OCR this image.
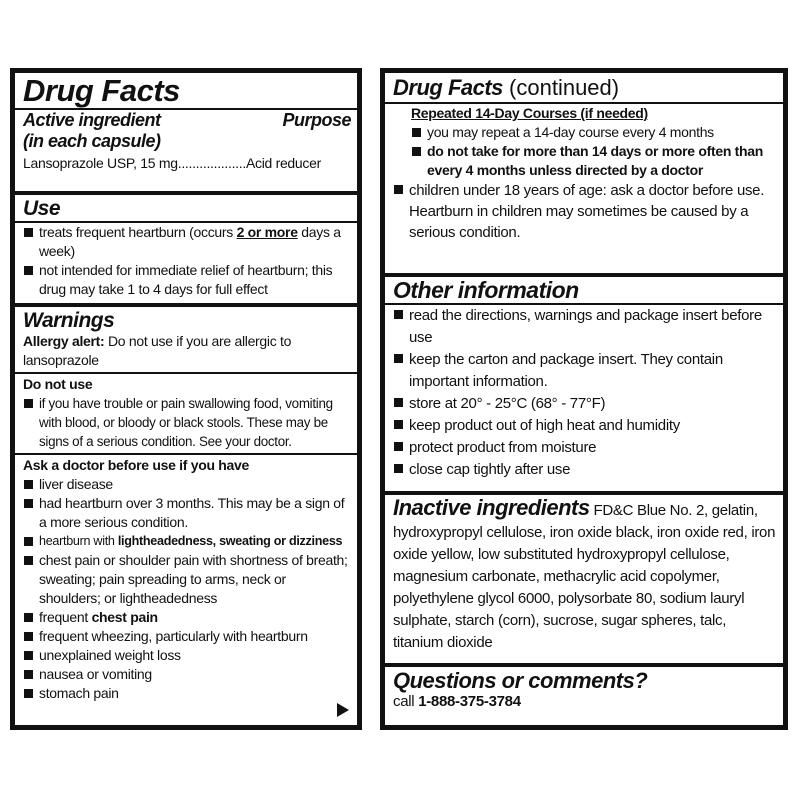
Drug Facts
Active ingredient	Purpose
(in each capsule)
Lansoprazole USP, 15 mg...................Acid reducer
Use
treats frequent heartburn (occurs 2 or more days a week)
not intended for immediate relief of heartburn; this drug may take 1 to 4 days for full effect
Warnings
Allergy alert: Do not use if you are allergic to lansoprazole
Do not use
if you have trouble or pain swallowing food, vomiting with blood, or bloody or black stools. These may be signs of a serious condition. See your doctor.
Ask a doctor before use if you have
liver disease
had heartburn over 3 months. This may be a sign of a more serious condition.
heartburn with lightheadedness, sweating or dizziness
chest pain or shoulder pain with shortness of breath; sweating; pain spreading to arms, neck or shoulders; or lightheadedness
frequent chest pain
frequent wheezing, particularly with heartburn
unexplained weight loss
nausea or vomiting
stomach pain
Drug Facts (continued)
Repeated 14-Day Courses (if needed)
you may repeat a 14-day course every 4 months
do not take for more than 14 days or more often than every 4 months unless directed by a doctor
children under 18 years of age: ask a doctor before use. Heartburn in children may sometimes be caused by a serious condition.
Other information
read the directions, warnings and package insert before use
keep the carton and package insert. They contain important information.
store at 20° - 25°C (68° - 77°F)
keep product out of high heat and humidity
protect product from moisture
close cap tightly after use
Inactive ingredients FD&C Blue No. 2, gelatin, hydroxypropyl cellulose, iron oxide black, iron oxide red, iron oxide yellow, low substituted hydroxypropyl cellulose, magnesium carbonate, methacrylic acid copolymer, polyethylene glycol 6000, polysorbate 80, sodium lauryl sulphate, starch (corn), sucrose, sugar spheres, talc, titanium dioxide
Questions or comments?
call 1-888-375-3784
